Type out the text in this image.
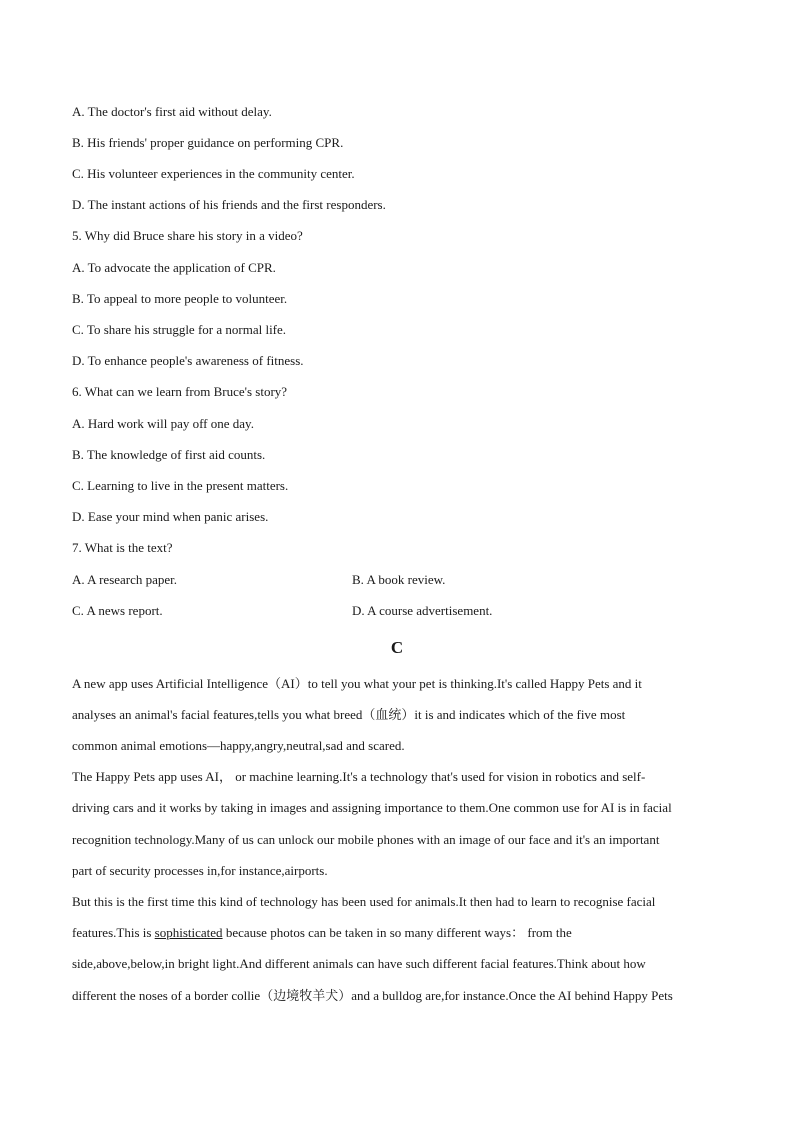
A. The doctor's first aid without delay.
B. His friends' proper guidance on performing CPR.
C. His volunteer experiences in the community center.
D. The instant actions of his friends and the first responders.
5. Why did Bruce share his story in a video?
A. To advocate the application of CPR.
B. To appeal to more people to volunteer.
C. To share his struggle for a normal life.
D. To enhance people's awareness of fitness.
6. What can we learn from Bruce's story?
A. Hard work will pay off one day.
B. The knowledge of first aid counts.
C. Learning to live in the present matters.
D. Ease your mind when panic arises.
7. What is the text?
A. A research paper.	B. A book review.
C. A news report.	D. A course advertisement.
C
A new app uses Artificial Intelligence（AI）to tell you what your pet is thinking.It's called Happy Pets and it
analyses an animal's facial features,tells you what breed（血统）it is and indicates which of the five most
common animal emotions—happy,angry,neutral,sad and scared.
The Happy Pets app uses AI， or machine learning.It's a technology that's used for vision in robotics and self-
driving cars and it works by taking in images and assigning importance to them.One common use for AI is in facial
recognition technology.Many of us can unlock our mobile phones with an image of our face and it's an important
part of security processes in,for instance,airports.
But this is the first time this kind of technology has been used for animals.It then had to learn to recognise facial
features.This is sophisticated because photos can be taken in so many different ways： from the
side,above,below,in bright light.And different animals can have such different facial features.Think about how
different the noses of a border collie（边境牧羊犬）and a bulldog are,for instance.Once the AI behind Happy Pets
